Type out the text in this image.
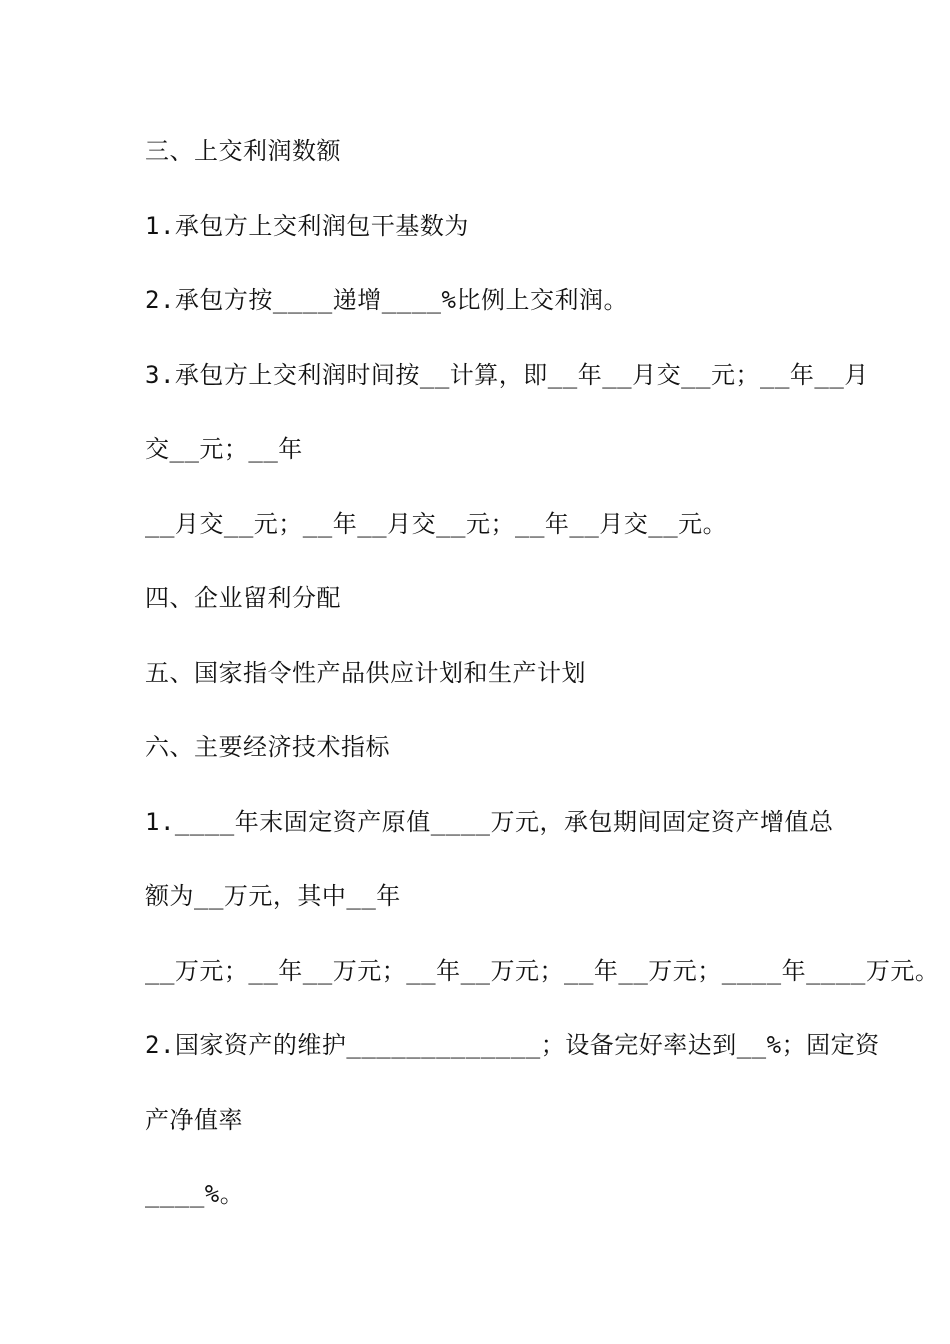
三、上交利润数额
1.承包方上交利润包干基数为
2.承包方按____递增____%比例上交利润。
3.承包方上交利润时间按__计算，即__年__月交__元；__年__月
交__元；__年
__月交__元；__年__月交__元；__年__月交__元。
四、企业留利分配
五、国家指令性产品供应计划和生产计划
六、主要经济技术指标
1.____年末固定资产原值____万元，承包期间固定资产增值总
额为__万元，其中__年
__万元；__年__万元；__年__万元；__年__万元；____年____万元。
2.国家资产的维护_____________；设备完好率达到__%；固定资
产净值率
____%。
